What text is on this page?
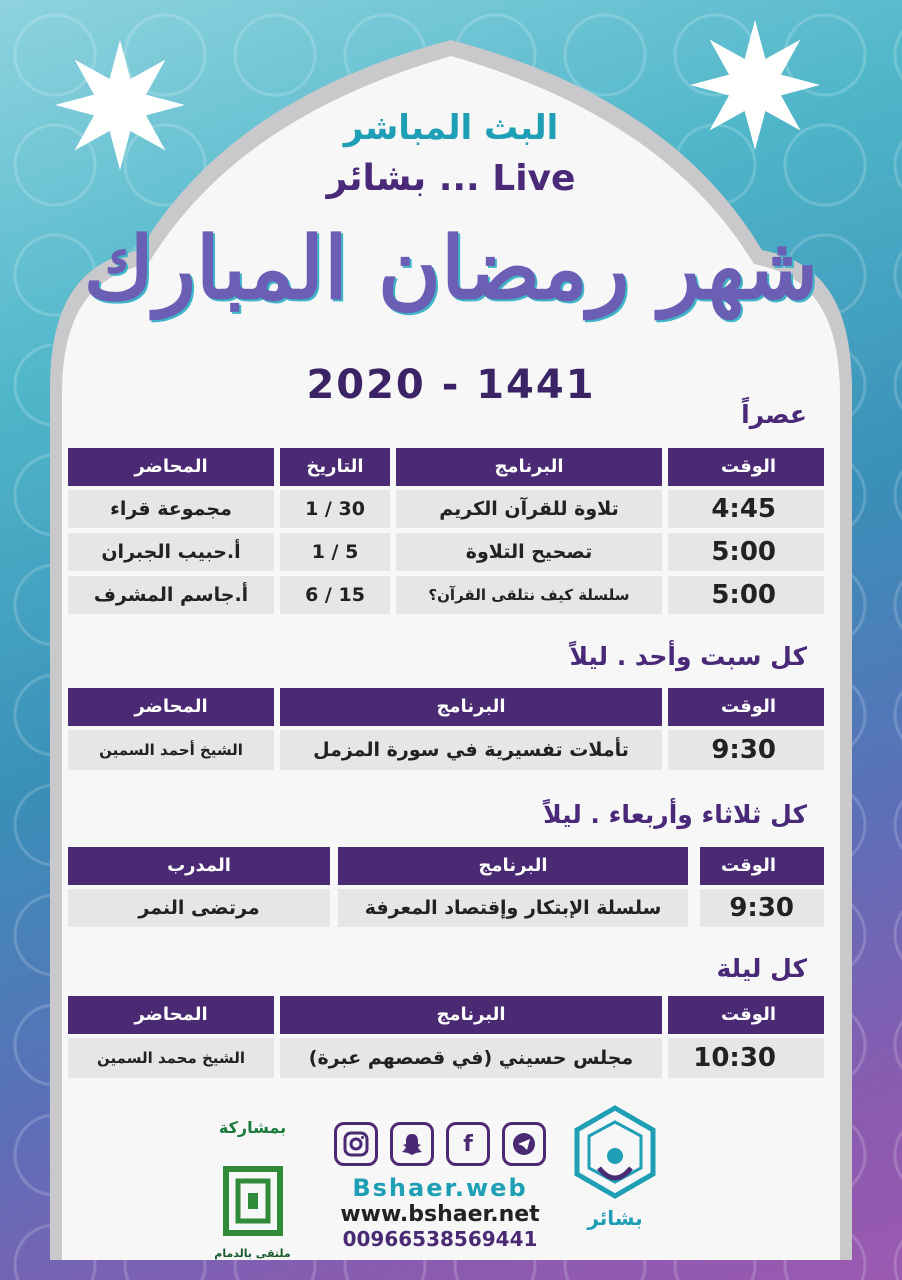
البث المباشر
بشائر ... Live
شهر رمضان المبارك
2020 - 1441
عصراً
الوقت
البرنامج
التاريخ
المحاضر
4:45
تلاوة للقرآن الكريم
1 / 30
مجموعة قراء
5:00
تصحيح التلاوة
1 / 5
أ.حبيب الجبران
5:00
سلسلة كيف نتلقى القرآن؟
6 / 15
أ.جاسم المشرف
كل سبت وأحد . ليلاً
الوقت
البرنامج
المحاضر
9:30
تأملات تفسيرية في سورة المزمل
الشيخ أحمد السمين
كل ثلاثاء وأربعاء . ليلاً
الوقت
البرنامج
المدرب
9:30
سلسلة الإبتكار وإقتصاد المعرفة
مرتضى النمر
كل ليلة
الوقت
البرنامج
المحاضر
10:30
مجلس حسيني (في قصصهم عبرة)
الشيخ محمد السمين
بمشاركة
ملتقى بالدمام
f
Bshaer.web
www.bshaer.net
00966538569441
بشائر
